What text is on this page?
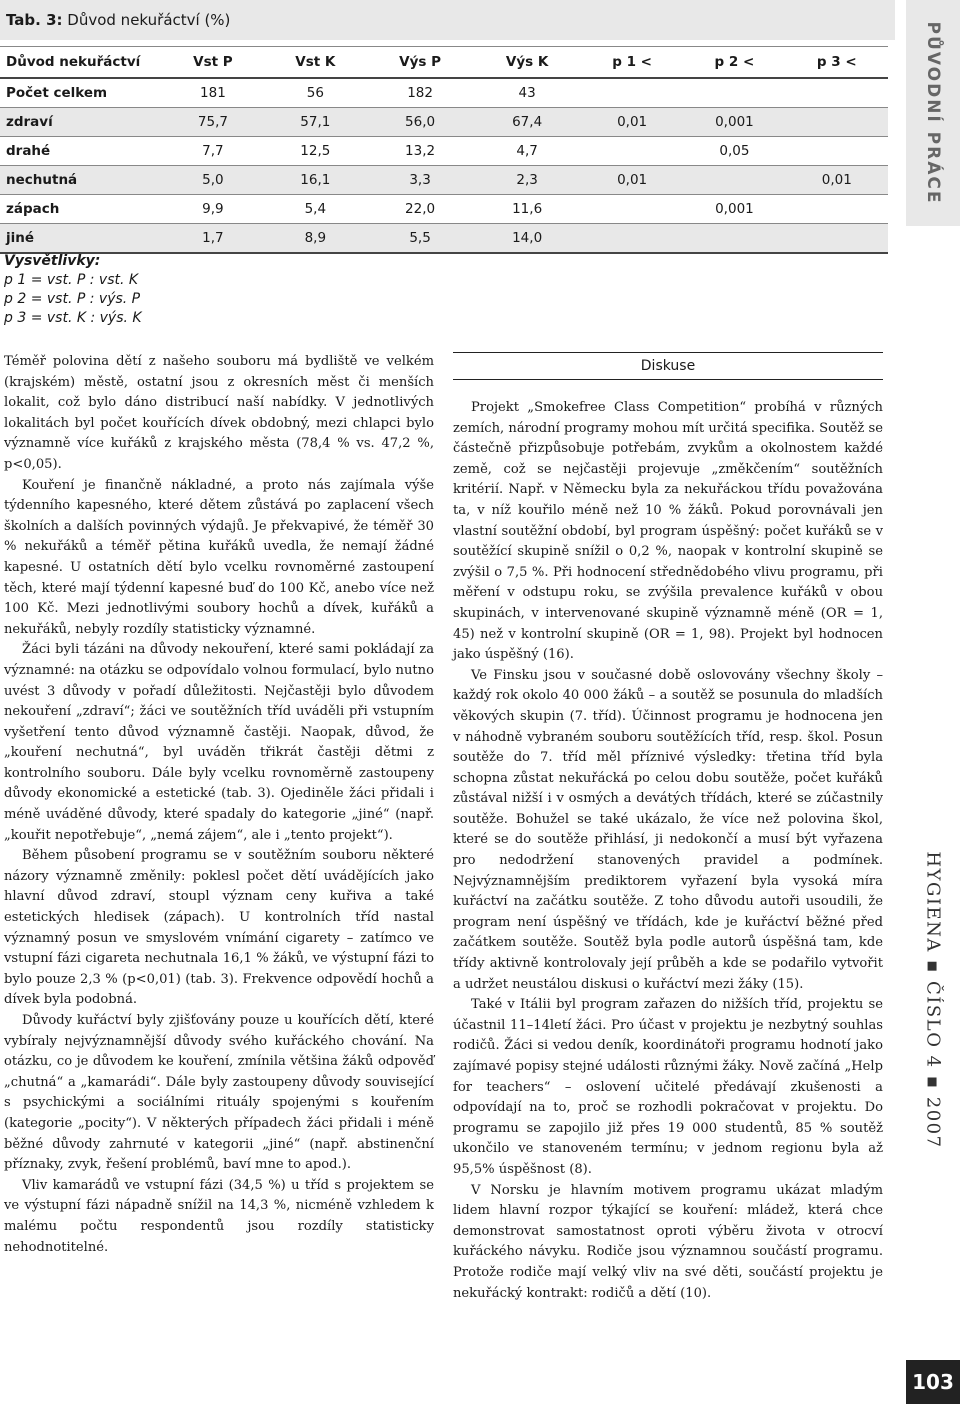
Tab. 3: Důvod nekuřáctví (%)
Důvod nekuřáctví	Vst P	Vst K	Výs P	Výs K	p 1 <	p 2 <	p 3 <
Počet celkem	181	56	182	43			
zdraví	75,7	57,1	56,0	67,4	0,01	0,001	
drahé	7,7	12,5	13,2	4,7		0,05	
nechutná	5,0	16,1	3,3	2,3	0,01		0,01
zápach	9,9	5,4	22,0	11,6		0,001	
jiné	1,7	8,9	5,5	14,0			
Vysvětlivky:
p 1 = vst. P : vst. K
p 2 = vst. P : výs. P
p 3 = vst. K : výs. K

Téměř polovina dětí z našeho souboru má bydliště ve velkém (krajském) městě, ostatní jsou z okresních měst či menších lokalit, což bylo dáno distribucí naší nabídky. V jednotlivých lokalitách byl počet kouřících dívek obdobný, mezi chlapci bylo významně více kuřáků z krajského města (78,4 % vs. 47,2 %, p<0,05).

Kouření je finančně nákladné, a proto nás zajímala výše týdenního kapesného, které dětem zůstává po zaplacení všech školních a dalších povinných výdajů. Je překvapivé, že téměř 30 % nekuřáků a téměř pětina kuřáků uvedla, že nemají žádné kapesné. U ostatních dětí bylo vcelku rovnoměrné zastoupení těch, které mají týdenní kapesné buď do 100 Kč, anebo více než 100 Kč. Mezi jednotlivými soubory hochů a dívek, kuřáků a nekuřáků, nebyly rozdíly statisticky významné.

Žáci byli tázáni na důvody nekouření, které sami pokládají za významné: na otázku se odpovídalo volnou formulací, bylo nutno uvést 3 důvody v pořadí důležitosti. Nejčastěji bylo důvodem nekouření „zdraví“; žáci ve soutěžních tříd uváděli při vstupním vyšetření tento důvod významně častěji. Naopak, důvod, že „kouření nechutná“, byl uváděn třikrát častěji dětmi z kontrolního souboru. Dále byly vcelku rovnoměrně zastoupeny důvody ekonomické a estetické (tab. 3). Ojediněle žáci přidali i méně uváděné důvody, které spadaly do kategorie „jiné“ (např. „kouřit nepotřebuje“, „nemá zájem“, ale i „tento projekt“).

Během působení programu se v soutěžním souboru některé názory významně změnily: poklesl počet dětí uvádějících jako hlavní důvod zdraví, stoupl význam ceny kuřiva a také estetických hledisek (zápach). U kontrolních tříd nastal významný posun ve smyslovém vnímání cigarety – zatímco ve vstupní fázi cigareta nechutnala 16,1 % žáků, ve výstupní fázi to bylo pouze 2,3 % (p<0,01) (tab. 3). Frekvence odpovědí hochů a dívek byla podobná.

Důvody kuřáctví byly zjišťovány pouze u kouřících dětí, které vybíraly nejvýznamnější důvody svého kuřáckého chování. Na otázku, co je důvodem ke kouření, zmínila většina žáků odpověď „chutná“ a „kamarádi“. Dále byly zastoupeny důvody související s psychickými a sociálními rituály spojenými s kouřením (kategorie „pocity“). V některých případech žáci přidali i méně běžné důvody zahrnuté v kategorii „jiné“ (např. abstinenční příznaky, zvyk, řešení problémů, baví mne to apod.).

Vliv kamarádů ve vstupní fázi (34,5 %) u tříd s projektem se ve výstupní fázi nápadně snížil na 14,3 %, nicméně vzhledem k malému počtu respondentů jsou rozdíly statisticky nehodnotitelné.

Diskuse

Projekt „Smokefree Class Competition“ probíhá v různých zemích, národní programy mohou mít určitá specifika. Soutěž se částečně přizpůsobuje potřebám, zvykům a okolnostem každé země, což se nejčastěji projevuje „změkčením“ soutěžních kritérií. Např. v Německu byla za nekuřáckou třídu považována ta, v níž kouřilo méně než 10 % žáků. Pokud porovnávali jen vlastní soutěžní období, byl program úspěšný: počet kuřáků se v soutěžící skupině snížil o 0,2 %, naopak v kontrolní skupině se zvýšil o 7,5 %. Při hodnocení střednědobého vlivu programu, při měření v odstupu roku, se zvýšila prevalence kuřáků v obou skupinách, v intervenované skupině významně méně (OR = 1, 45) než v kontrolní skupině (OR = 1, 98). Projekt byl hodnocen jako úspěšný (16).

Ve Finsku jsou v současné době oslovovány všechny školy – každý rok okolo 40 000 žáků – a soutěž se posunula do mladších věkových skupin (7. tříd). Účinnost programu je hodnocena jen v náhodně vybraném souboru soutěžících tříd, resp. škol. Posun soutěže do 7. tříd měl příznivé výsledky: třetina tříd byla schopna zůstat nekuřácká po celou dobu soutěže, počet kuřáků zůstával nižší i v osmých a devátých třídách, které se zúčastnily soutěže. Bohužel se také ukázalo, že více než polovina škol, které se do soutěže přihlásí, ji nedokončí a musí být vyřazena pro nedodržení stanovených pravidel a podmínek. Nejvýznamnějším prediktorem vyřazení byla vysoká míra kuřáctví na začátku soutěže. Z toho důvodu autoři usoudili, že program není úspěšný ve třídách, kde je kuřáctví běžné před začátkem soutěže. Soutěž byla podle autorů úspěšná tam, kde třídy aktivně kontrolovaly její průběh a kde se podařilo vytvořit a udržet neustálou diskusi o kuřáctví mezi žáky (15).

Také v Itálii byl program zařazen do nižších tříd, projektu se účastnil 11–14letí žáci. Pro účast v projektu je nezbytný souhlas rodičů. Žáci si vedou deník, koordinátoři programu hodnotí jako zajímavé popisy stejné události různými žáky. Nově začíná „Help for teachers“ – oslovení učitelé předávají zkušenosti a odpovídají na to, proč se rozhodli pokračovat v projektu. Do programu se zapojilo již přes 19 000 studentů, 85 % soutěž ukončilo ve stanoveném termínu; v jednom regionu byla až 95,5% úspěšnost (8).

V Norsku je hlavním motivem programu ukázat mladým lidem hlavní rozpor týkající se kouření: mládež, která chce demonstrovat samostatnost oproti výběru života v otrocví kuřáckého návyku. Rodiče jsou významnou součástí programu. Protože rodiče mají velký vliv na své děti, součástí projektu je nekuřácký kontrakt: rodičů a dětí (10).

PŮVODNÍ PRÁCE
HYGIENA ▪ ČÍSLO 4 ▪ 2007
103
